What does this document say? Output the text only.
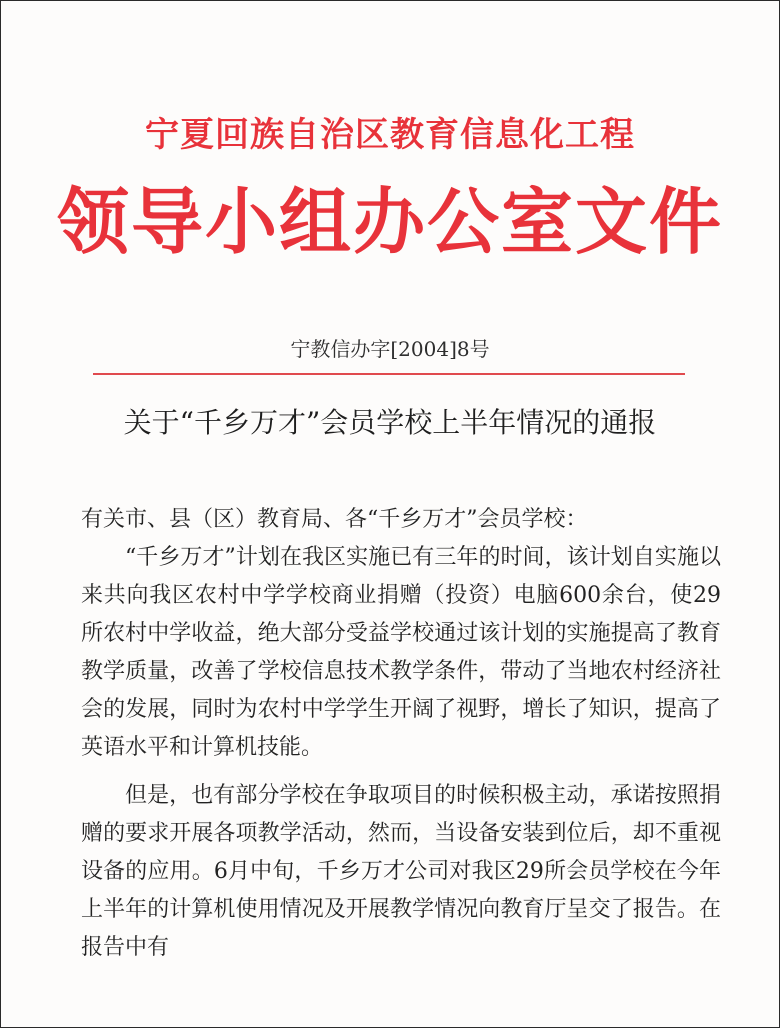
宁夏回族自治区教育信息化工程
领导小组办公室文件
宁教信办字[2004]8号
关于“千乡万才”会员学校上半年情况的通报

有关市、县（区）教育局、各“千乡万才”会员学校：

“千乡万才”计划在我区实施已有三年的时间，该计划自实施以来共向我区农村中学学校商业捐赠（投资）电脑600余台，使29所农村中学收益，绝大部分受益学校通过该计划的实施提高了教育教学质量，改善了学校信息技术教学条件，带动了当地农村经济社会的发展，同时为农村中学学生开阔了视野，增长了知识，提高了英语水平和计算机技能。

但是，也有部分学校在争取项目的时候积极主动，承诺按照捐赠的要求开展各项教学活动，然而，当设备安装到位后，却不重视设备的应用。6月中旬，千乡万才公司对我区29所会员学校在今年上半年的计算机使用情况及开展教学情况向教育厅呈交了报告。在报告中有
